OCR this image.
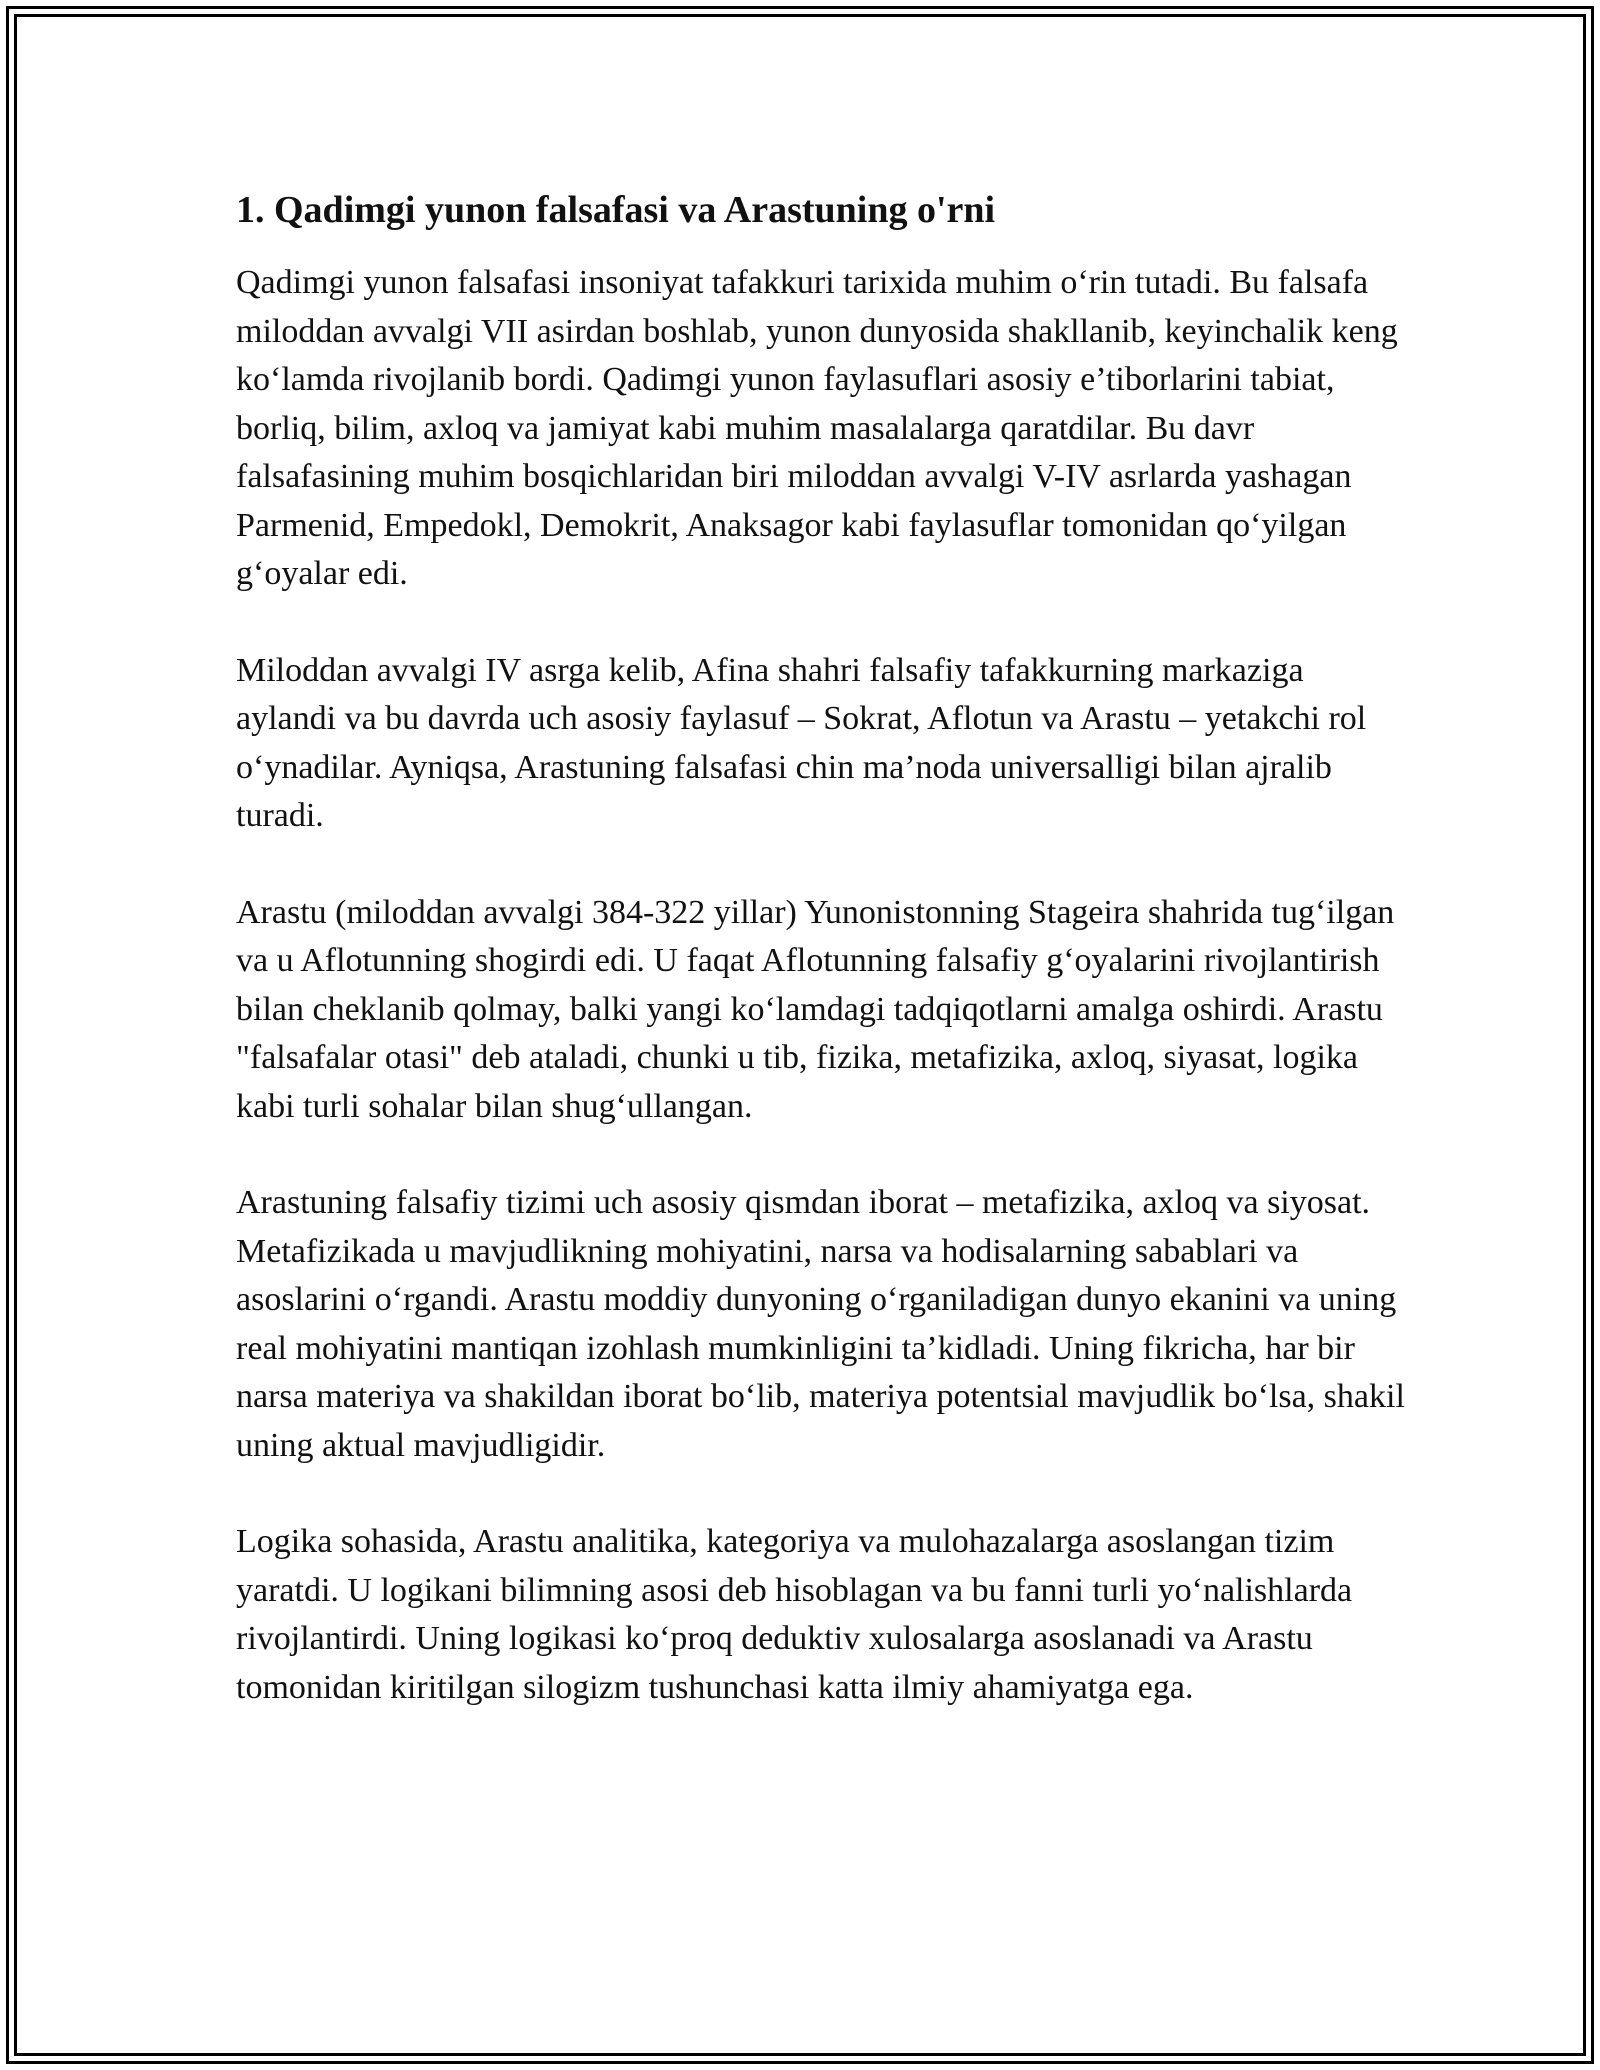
1. Qadimgi yunon falsafasi va Arastuning o'rni

Qadimgi yunon falsafasi insoniyat tafakkuri tarixida muhim o‘rin tutadi. Bu falsafa miloddan avvalgi VII asirdan boshlab, yunon dunyosida shakllanib, keyinchalik keng ko‘lamda rivojlanib bordi. Qadimgi yunon faylasuflari asosiy e’tiborlarini tabiat, borliq, bilim, axloq va jamiyat kabi muhim masalalarga qaratdilar. Bu davr falsafasining muhim bosqichlaridan biri miloddan avvalgi V-IV asrlarda yashagan Parmenid, Empedokl, Demokrit, Anaksagor kabi faylasuflar tomonidan qo‘yilgan g‘oyalar edi.

Miloddan avvalgi IV asrga kelib, Afina shahri falsafiy tafakkurning markaziga aylandi va bu davrda uch asosiy faylasuf – Sokrat, Aflotun va Arastu – yetakchi rol o‘ynadilar. Ayniqsa, Arastuning falsafasi chin ma’noda universalligi bilan ajralib turadi.

Arastu (miloddan avvalgi 384-322 yillar) Yunonistonning Stageira shahrida tug‘ilgan va u Aflotunning shogirdi edi. U faqat Aflotunning falsafiy g‘oyalarini rivojlantirish bilan cheklanib qolmay, balki yangi ko‘lamdagi tadqiqotlarni amalga oshirdi. Arastu "falsafalar otasi" deb ataladi, chunki u tib, fizika, metafizika, axloq, siyasat, logika kabi turli sohalar bilan shug‘ullangan.

Arastuning falsafiy tizimi uch asosiy qismdan iborat – metafizika, axloq va siyosat. Metafizikada u mavjudlikning mohiyatini, narsa va hodisalarning sabablari va asoslarini o‘rgandi. Arastu moddiy dunyoning o‘rganiladigan dunyo ekanini va uning real mohiyatini mantiqan izohlash mumkinligini ta’kidladi. Uning fikricha, har bir narsa materiya va shakildan iborat bo‘lib, materiya potentsial mavjudlik bo‘lsa, shakil uning aktual mavjudligidir.

Logika sohasida, Arastu analitika, kategoriya va mulohazalarga asoslangan tizim yaratdi. U logikani bilimning asosi deb hisoblagan va bu fanni turli yo‘nalishlarda rivojlantirdi. Uning logikasi ko‘proq deduktiv xulosalarga asoslanadi va Arastu tomonidan kiritilgan silogizm tushunchasi katta ilmiy ahamiyatga ega.
